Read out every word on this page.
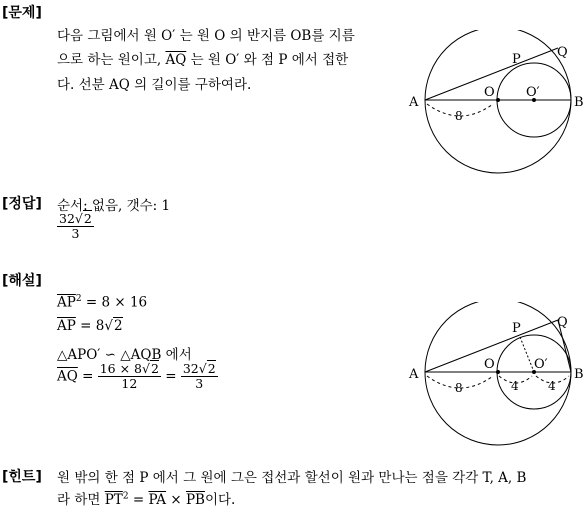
[문제]
다음 그림에서 원 O′ 는 원 O 의 반지름 OB를 지름
으로 하는 원이고, $\overline{AQ}$ 는 원 O′ 와 점 P 에서 접한
다. 선분 AQ 의 길이를 구하여라.
A
O O′
B
P	Q
8
[정답] 순서: 없음, 갯수: 1
$\frac{32√2}{3}$
[해설]
$\overline{AP}^2 = 8 \times 16$
$\overline{AP} = 8√2$
△APO′ ∽ △AQB 에서
$\overline{AQ} = \frac{16 \times 8√2}{12} = \frac{32√2}{3}$	A
O	O′
B
P	Q
8	4 4
[힌트] 원 밖의 한 점 P 에서 그 원에 그은 접선과 할선이 원과 만나는 점을 각각 T, A, B
라 하면 $\overline{PT}^2 = \overline{PA} \times \overline{PB}$이다.
